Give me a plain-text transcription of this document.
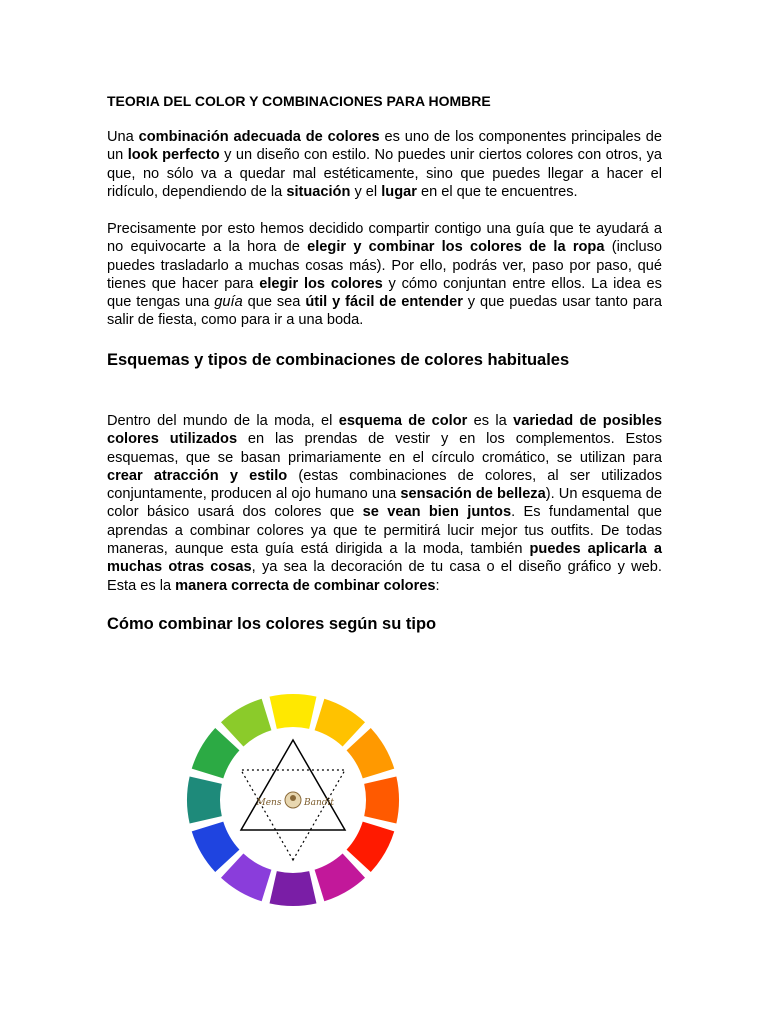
TEORIA DEL COLOR Y COMBINACIONES PARA HOMBRE
Una combinación adecuada de colores es uno de los componentes principales de un look perfecto y un diseño con estilo. No puedes unir ciertos colores con otros, ya que, no sólo va a quedar mal estéticamente, sino que puedes llegar a hacer el ridículo, dependiendo de la situación y el lugar en el que te encuentres.
Precisamente por esto hemos decidido compartir contigo una guía que te ayudará a no equivocarte a la hora de elegir y combinar los colores de la ropa (incluso puedes trasladarlo a muchas cosas más). Por ello, podrás ver, paso por paso, qué tienes que hacer para elegir los colores y cómo conjuntan entre ellos. La idea es que tengas una guía que sea útil y fácil de entender y que puedas usar tanto para salir de fiesta, como para ir a una boda.
Esquemas y tipos de combinaciones de colores habituales
Dentro del mundo de la moda, el esquema de color es la variedad de posibles colores utilizados en las prendas de vestir y en los complementos. Estos esquemas, que se basan primariamente en el círculo cromático, se utilizan para crear atracción y estilo (estas combinaciones de colores, al ser utilizados conjuntamente, producen al ojo humano una sensación de belleza). Un esquema de color básico usará dos colores que se vean bien juntos. Es fundamental que aprendas a combinar colores ya que te permitirá lucir mejor tus outfits. De todas maneras, aunque esta guía está dirigida a la moda, también puedes aplicarla a muchas otras cosas, ya sea la decoración de tu casa o el diseño gráfico y web. Esta es la manera correcta de combinar colores:
Cómo combinar los colores según su tipo
Mens Bandit
